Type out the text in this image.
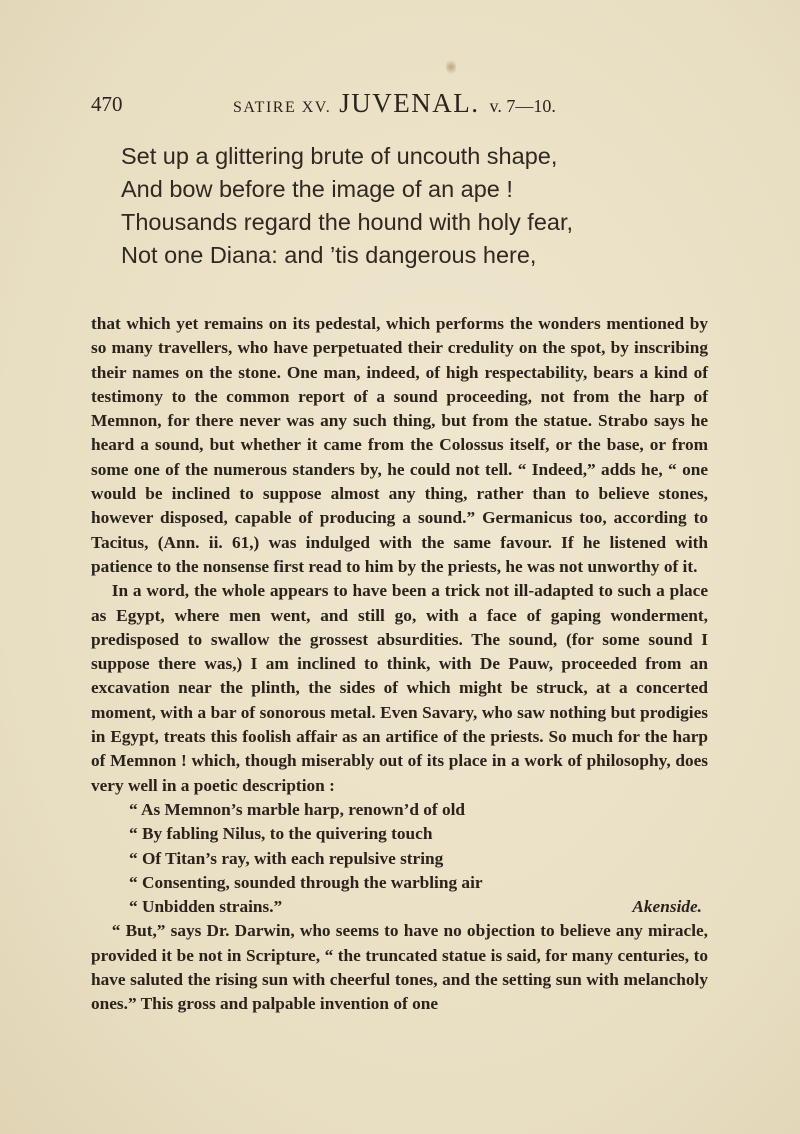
470	SATIRE XV. JUVENAL. v. 7—10.
Set up a glittering brute of uncouth shape,
And bow before the image of an ape !
Thousands regard the hound with holy fear,
Not one Diana: and ’tis dangerous here,

that which yet remains on its pedestal, which performs the wonders mentioned by so many travellers, who have perpetuated their credulity on the spot, by inscribing their names on the stone. One man, indeed, of high respectability, bears a kind of testimony to the common report of a sound proceeding, not from the harp of Memnon, for there never was any such thing, but from the statue. Strabo says he heard a sound, but whether it came from the Colossus itself, or the base, or from some one of the numerous standers by, he could not tell. “ Indeed,” adds he, “ one would be inclined to suppose almost any thing, rather than to believe stones, however disposed, capable of producing a sound.” Germanicus too, according to Tacitus, (Ann. ii. 61,) was indulged with the same favour. If he listened with patience to the nonsense first read to him by the priests, he was not unworthy of it.

In a word, the whole appears to have been a trick not ill-adapted to such a place as Egypt, where men went, and still go, with a face of gaping wonderment, predisposed to swallow the grossest absurdities. The sound, (for some sound I suppose there was,) I am inclined to think, with De Pauw, proceeded from an excavation near the plinth, the sides of which might be struck, at a concerted moment, with a bar of sonorous metal. Even Savary, who saw nothing but prodigies in Egypt, treats this foolish affair as an artifice of the priests. So much for the harp of Memnon ! which, though miserably out of its place in a work of philosophy, does very well in a poetic description :

“ As Memnon’s marble harp, renown’d of old
“ By fabling Nilus, to the quivering touch
“ Of Titan’s ray, with each repulsive string
“ Consenting, sounded through the warbling air
“ Unbidden strains.”	Akenside.

“ But,” says Dr. Darwin, who seems to have no objection to believe any miracle, provided it be not in Scripture, “ the truncated statue is said, for many centuries, to have saluted the rising sun with cheerful tones, and the setting sun with melancholy ones.” This gross and palpable invention of one
